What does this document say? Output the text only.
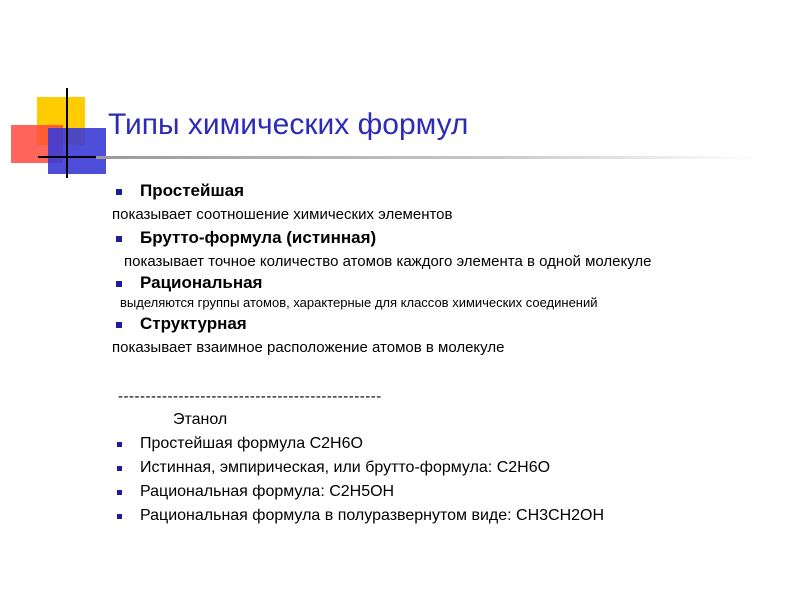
Типы химических формул
Простейшая
показывает соотношение химических элементов
Брутто-формула (истинная)
показывает точное количество атомов каждого элемента в одной молекуле
Рациональная
выделяются группы атомов, характерные для классов химических соединений
Структурная
показывает взаимное расположение атомов в молекуле
------------------------------------------------
Этанол
Простейшая формула C2H6O
Истинная, эмпирическая, или брутто-формула: C2H6O
Рациональная формула: C2H5OH
Рациональная формула в полуразвернутом виде: CH3CH2OH
